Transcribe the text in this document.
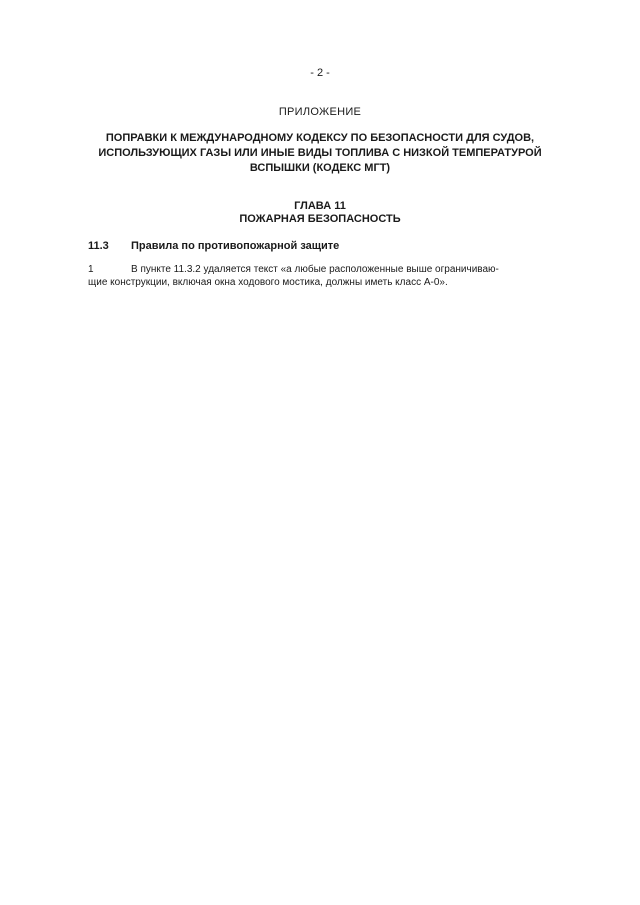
- 2 -
ПРИЛОЖЕНИЕ
ПОПРАВКИ К МЕЖДУНАРОДНОМУ КОДЕКСУ ПО БЕЗОПАСНОСТИ ДЛЯ СУДОВ,
ИСПОЛЬЗУЮЩИХ ГАЗЫ ИЛИ ИНЫЕ ВИДЫ ТОПЛИВА С НИЗКОЙ ТЕМПЕРАТУРОЙ
ВСПЫШКИ (КОДЕКС МГТ)
ГЛАВА 11
ПОЖАРНАЯ БЕЗОПАСНОСТЬ
11.3 Правила по противопожарной защите
1	В пункте 11.3.2 удаляется текст «а любые расположенные выше ограничиваю-
щие конструкции, включая окна ходового мостика, должны иметь класс А-0».
